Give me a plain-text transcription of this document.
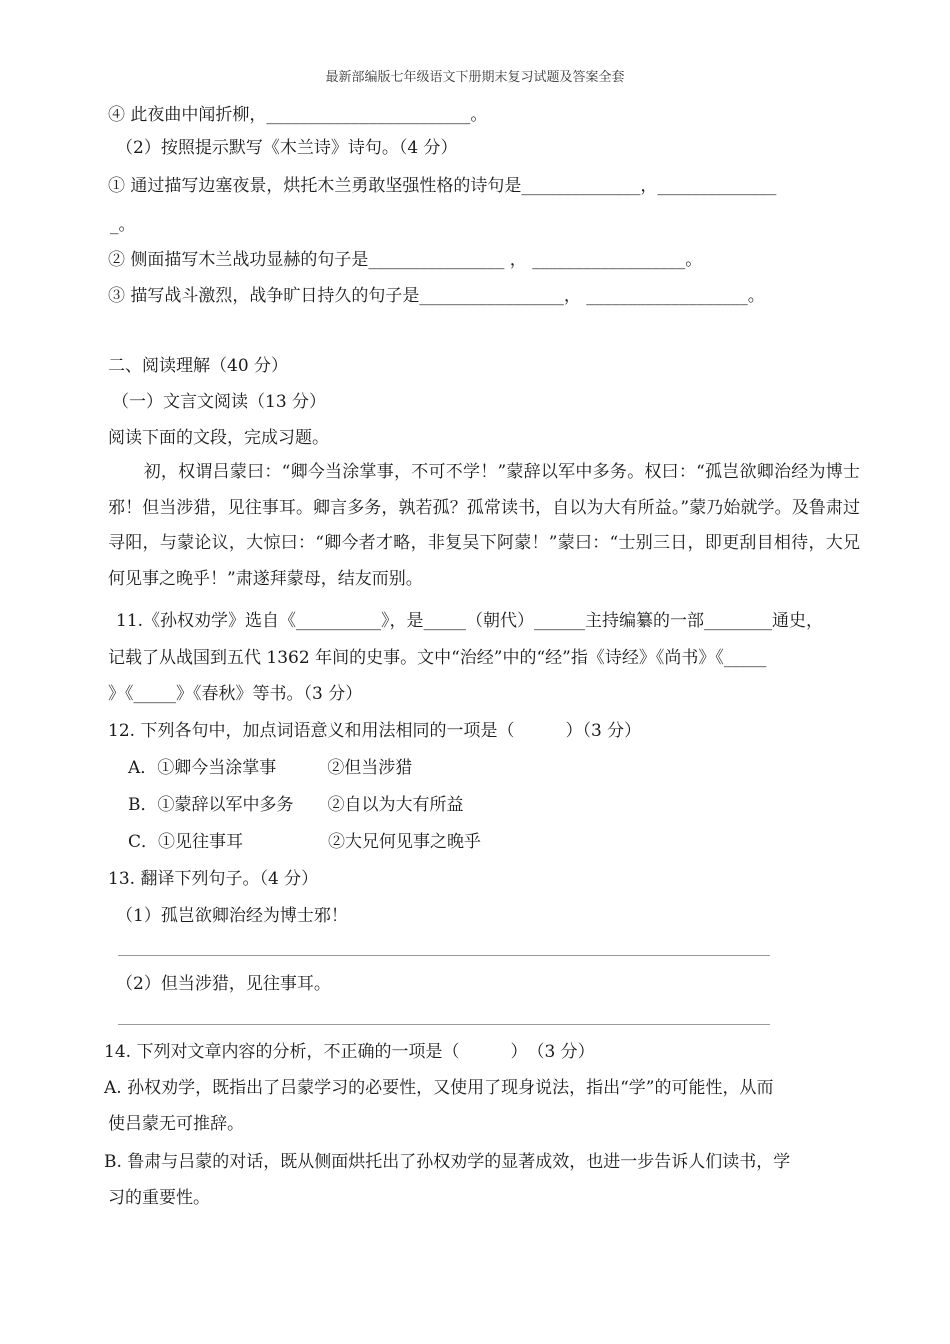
最新部编版七年级语文下册期末复习试题及答案全套
④ 此夜曲中闻折柳，________________________。
（2）按照提示默写《木兰诗》诗句。（4 分）
① 通过描写边塞夜景，烘托木兰勇敢坚强性格的诗句是______________，______________
_。
② 侧面描写木兰战功显赫的句子是________________ ， __________________。
③ 描写战斗激烈，战争旷日持久的句子是_________________， ___________________。
二、阅读理解（40 分）
（一）文言文阅读（13 分）
阅读下面的文段，完成习题。
初，权谓吕蒙曰：“卿今当涂掌事，不可不学！”蒙辞以军中多务。权曰：“孤岂欲卿治经为博士邪！但当涉猎，见往事耳。卿言多务，孰若孤？孤常读书，自以为大有所益。”蒙乃始就学。及鲁肃过寻阳，与蒙论议，大惊曰：“卿今者才略，非复吴下阿蒙！”蒙曰：“士别三日，即更刮目相待，大兄何见事之晚乎！”肃遂拜蒙母，结友而别。
11.《孙权劝学》选自《__________》，是_____（朝代）______主持编纂的一部________通史，
记载了从战国到五代 1362 年间的史事。文中“治经”中的“经”指《诗经》《尚书》《_____
》《_____》《春秋》等书。（3 分）
12. 下列各句中，加点词语意义和用法相同的一项是（　　　）（3 分）
A．①卿今当涂掌事　　　②但当涉猎
B．①蒙辞以军中多务　　②自以为大有所益
C．①见往事耳　　　　　②大兄何见事之晚乎
13. 翻译下列句子。（4 分）
（1）孤岂欲卿治经为博士邪！
（2）但当涉猎，见往事耳。
14. 下列对文章内容的分析，不正确的一项是（　　　）　（3 分）
A. 孙权劝学，既指出了吕蒙学习的必要性，又使用了现身说法，指出“学”的可能性，从而
使吕蒙无可推辞。
B. 鲁肃与吕蒙的对话，既从侧面烘托出了孙权劝学的显著成效，也进一步告诉人们读书，学
习的重要性。
